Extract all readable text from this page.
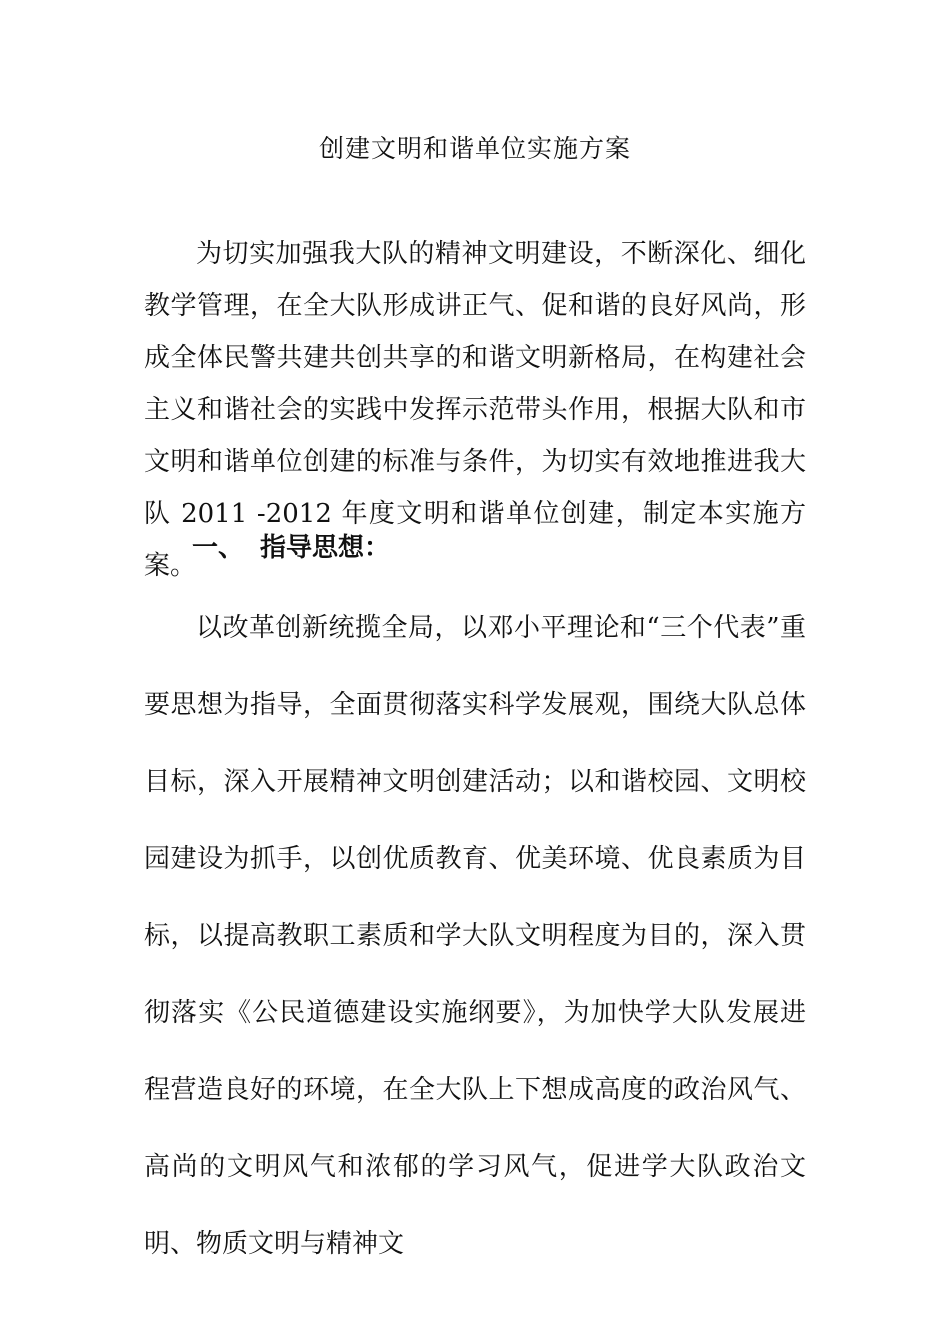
创建文明和谐单位实施方案

为切实加强我大队的精神文明建设，不断深化、细化教学管理，在全大队形成讲正气、促和谐的良好风尚，形成全体民警共建共创共享的和谐文明新格局，在构建社会主义和谐社会的实践中发挥示范带头作用，根据大队和市文明和谐单位创建的标准与条件，为切实有效地推进我大队 2011 -2012 年度文明和谐单位创建，制定本实施方案。

一、 指导思想：

以改革创新统揽全局，以邓小平理论和“三个代表”重要思想为指导，全面贯彻落实科学发展观，围绕大队总体目标，深入开展精神文明创建活动；以和谐校园、文明校园建设为抓手，以创优质教育、优美环境、优良素质为目标，以提高教职工素质和学大队文明程度为目的，深入贯彻落实《公民道德建设实施纲要》，为加快学大队发展进程营造良好的环境，在全大队上下想成高度的政治风气、高尚的文明风气和浓郁的学习风气，促进学大队政治文明、物质文明与精神文
